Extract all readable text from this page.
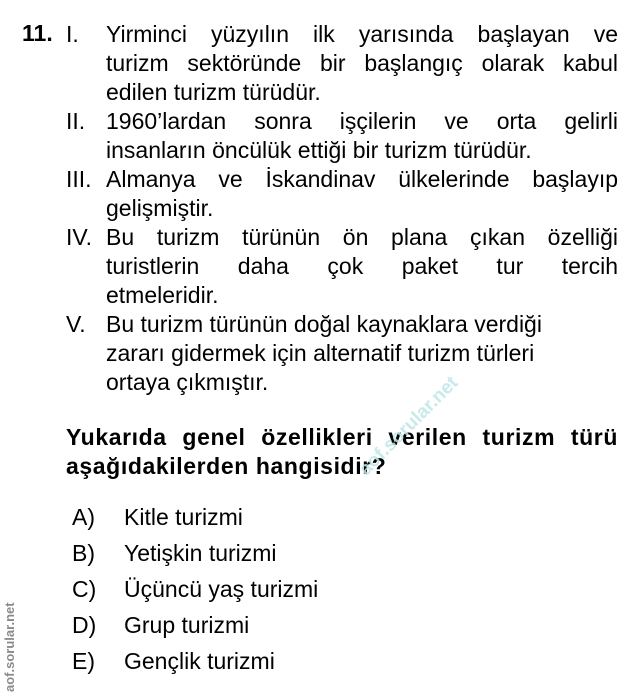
11. I. Yirminci yüzyılın ilk yarısında başlayan ve
turizm sektöründe bir başlangıç olarak kabul
edilen turizm türüdür.
II. 1960’lardan sonra işçilerin ve orta gelirli
insanların öncülük ettiği bir turizm türüdür.
III. Almanya ve İskandinav ülkelerinde başlayıp
gelişmiştir.
IV. Bu turizm türünün ön plana çıkan özelliği
turistlerin daha çok paket tur tercih
etmeleridir.
V. Bu turizm türünün doğal kaynaklara verdiği
zararı gidermek için alternatif turizm türleri
ortaya çıkmıştır.
Yukarıda genel özellikleri verilen turizm türü
aşağıdakilerden hangisidir?
A) Kitle turizmi
B) Yetişkin turizmi
C) Üçüncü yaş turizmi
D) Grup turizmi
E) Gençlik turizmi
aof.sorular.net
aof.sorular.net
